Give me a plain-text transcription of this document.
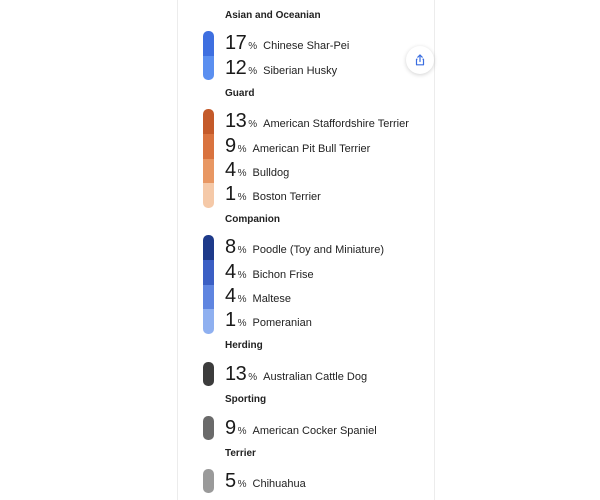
Asian and Oceanian
17 % Chinese Shar-Pei
12 % Siberian Husky
Guard
13 % American Staffordshire Terrier
9 % American Pit Bull Terrier
4 % Bulldog
1 % Boston Terrier
Companion
8 % Poodle (Toy and Miniature)
4 % Bichon Frise
4 % Maltese
1 % Pomeranian
Herding
13 % Australian Cattle Dog
Sporting
9 % American Cocker Spaniel
Terrier
5 % Chihuahua
